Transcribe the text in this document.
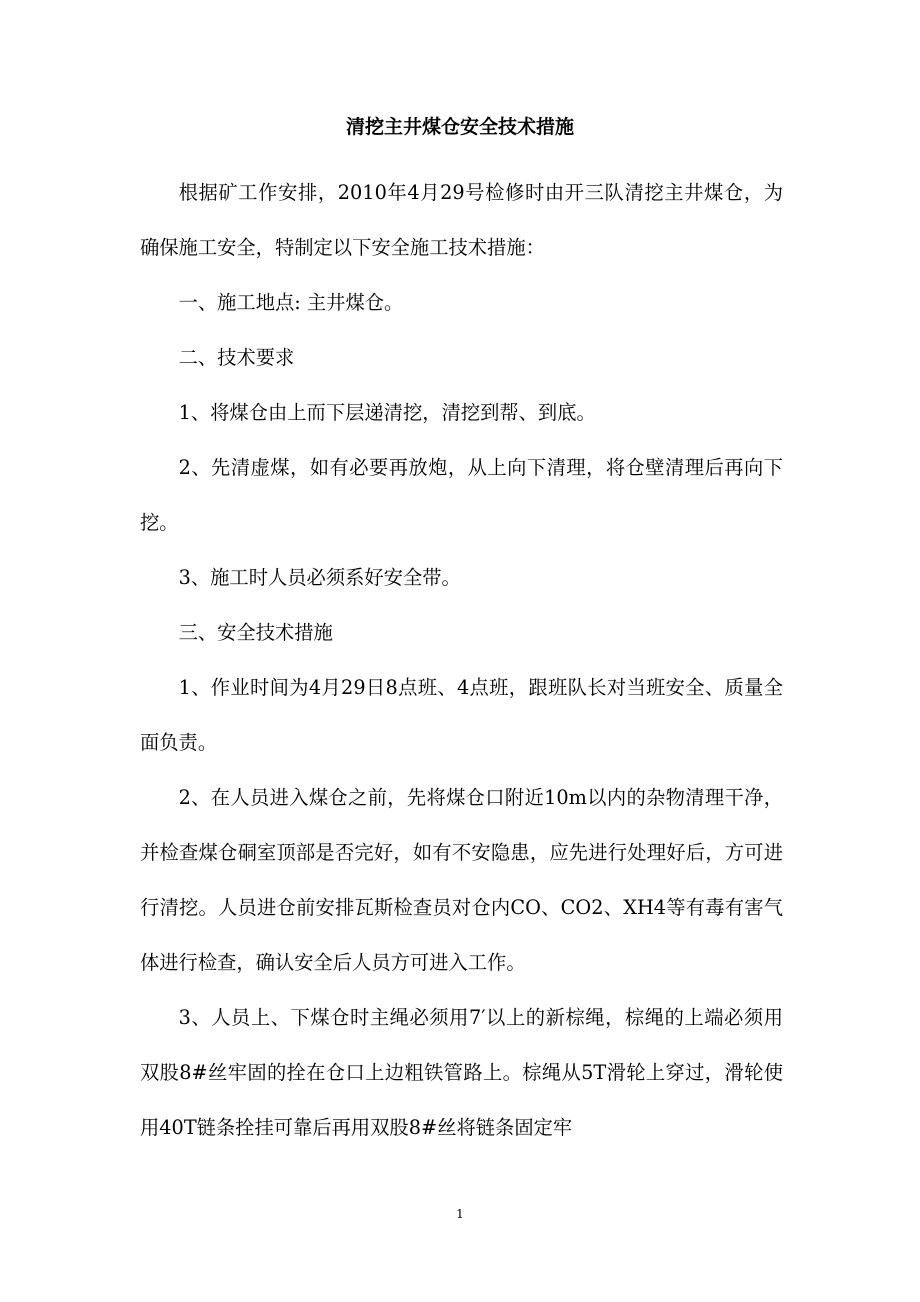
清挖主井煤仓安全技术措施

根据矿工作安排，2010年4月29号检修时由开三队清挖主井煤仓，为确保施工安全，特制定以下安全施工技术措施：

一、施工地点: 主井煤仓。

二、技术要求

1、将煤仓由上而下层递清挖，清挖到帮、到底。

2、先清虚煤，如有必要再放炮，从上向下清理，将仓壁清理后再向下挖。

3、施工时人员必须系好安全带。

三、安全技术措施

1、作业时间为4月29日8点班、4点班，跟班队长对当班安全、质量全面负责。

2、在人员进入煤仓之前，先将煤仓口附近10m以内的杂物清理干净，并检查煤仓硐室顶部是否完好，如有不安隐患，应先进行处理好后，方可进行清挖。人员进仓前安排瓦斯检查员对仓内CO、CO2、XH4等有毒有害气体进行检查，确认安全后人员方可进入工作。

3、人员上、下煤仓时主绳必须用7′以上的新棕绳，棕绳的上端必须用双股8#丝牢固的拴在仓口上边粗铁管路上。棕绳从5T滑轮上穿过，滑轮使用40T链条拴挂可靠后再用双股8#丝将链条固定牢

1
